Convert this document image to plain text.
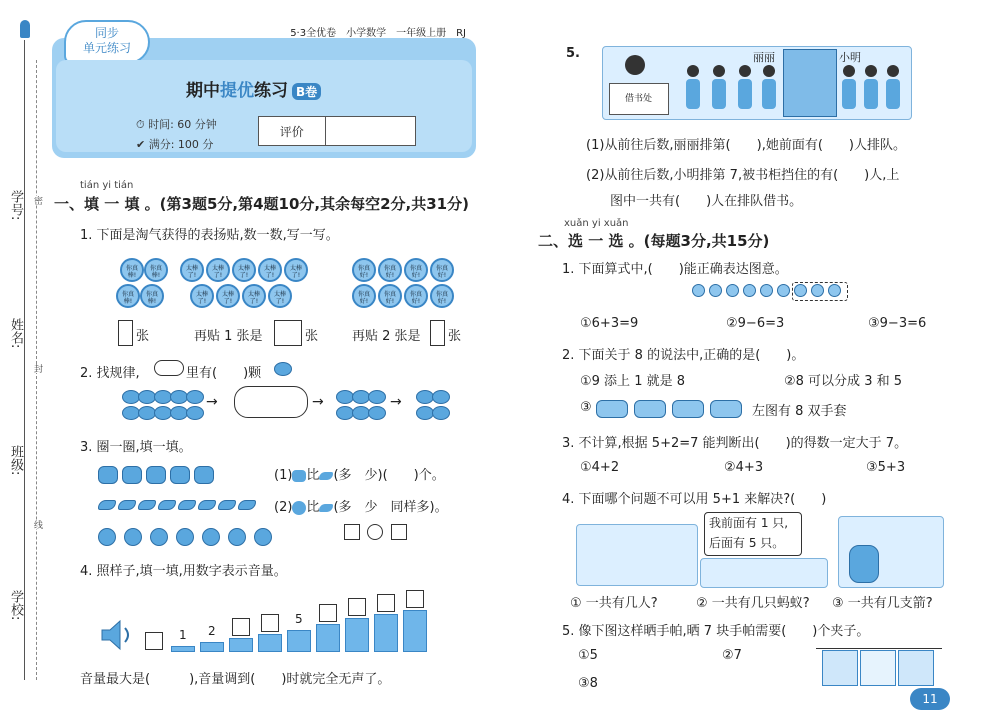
学号:
姓名:
班级:
学校:
密
封
线
同步
单元练习
5·3全优卷　小学数学　一年级上册　RJ
期中提优练习 B卷
⏱ 时间: 60 分钟
✔ 满分: 100 分
评价
tián yi tián
一、填 一 填 。(第3题5分,第4题10分,其余每空2分,共31分)
1. 下面是淘气获得的表扬贴,数一数,写一写。
你真棒!
你真棒!
你真棒!
你真棒!
太棒了!
太棒了!
太棒了!
太棒了!
太棒了!
太棒了!
太棒了!
太棒了!
太棒了!
你真好!
你真好!
你真好!
你真好!
你真好!
你真好!
你真好!
你真好!
张	再贴 1 张是	张	再贴 2 张是 张
2. 找规律,	里有(　　)颗
→	→	→
3. 圈一圈,填一填。
(1) 比 (多　少)(　　)个。
(2) 比 (多　少　同样多)。
4. 照样子,填一填,用数字表示音量。
1 2
5
音量最大是(　　　),音量调到(　　)时就完全无声了。
5.
借书处
丽丽	小明
(1)从前往后数,丽丽排第(　　),她前面有(　　)人排队。
(2)从前往后数,小明排第 7,被书柜挡住的有(　　)人,上
图中一共有(　　)人在排队借书。
xuǎn yi xuǎn
二、选 一 选 。(每题3分,共15分)
1. 下面算式中,(　　)能正确表达图意。
①6+3=9	②9−6=3	③9−3=6
2. 下面关于 8 的说法中,正确的是(　　)。
①9 添上 1 就是 8	②8 可以分成 3 和 5
③	左图有 8 双手套
3. 不计算,根据 5+2=7 能判断出(　　)的得数一定大于 7。
①4+2	②4+3	③5+3
4. 下面哪个问题不可以用 5+1 来解决?(　　)
我前面有 1 只,
后面有 5 只。
① 一共有几人?	② 一共有几只蚂蚁? ③ 一共有几支箭?
5. 像下图这样晒手帕,晒 7 块手帕需要(　　)个夹子。
①5	②7
③8
11
